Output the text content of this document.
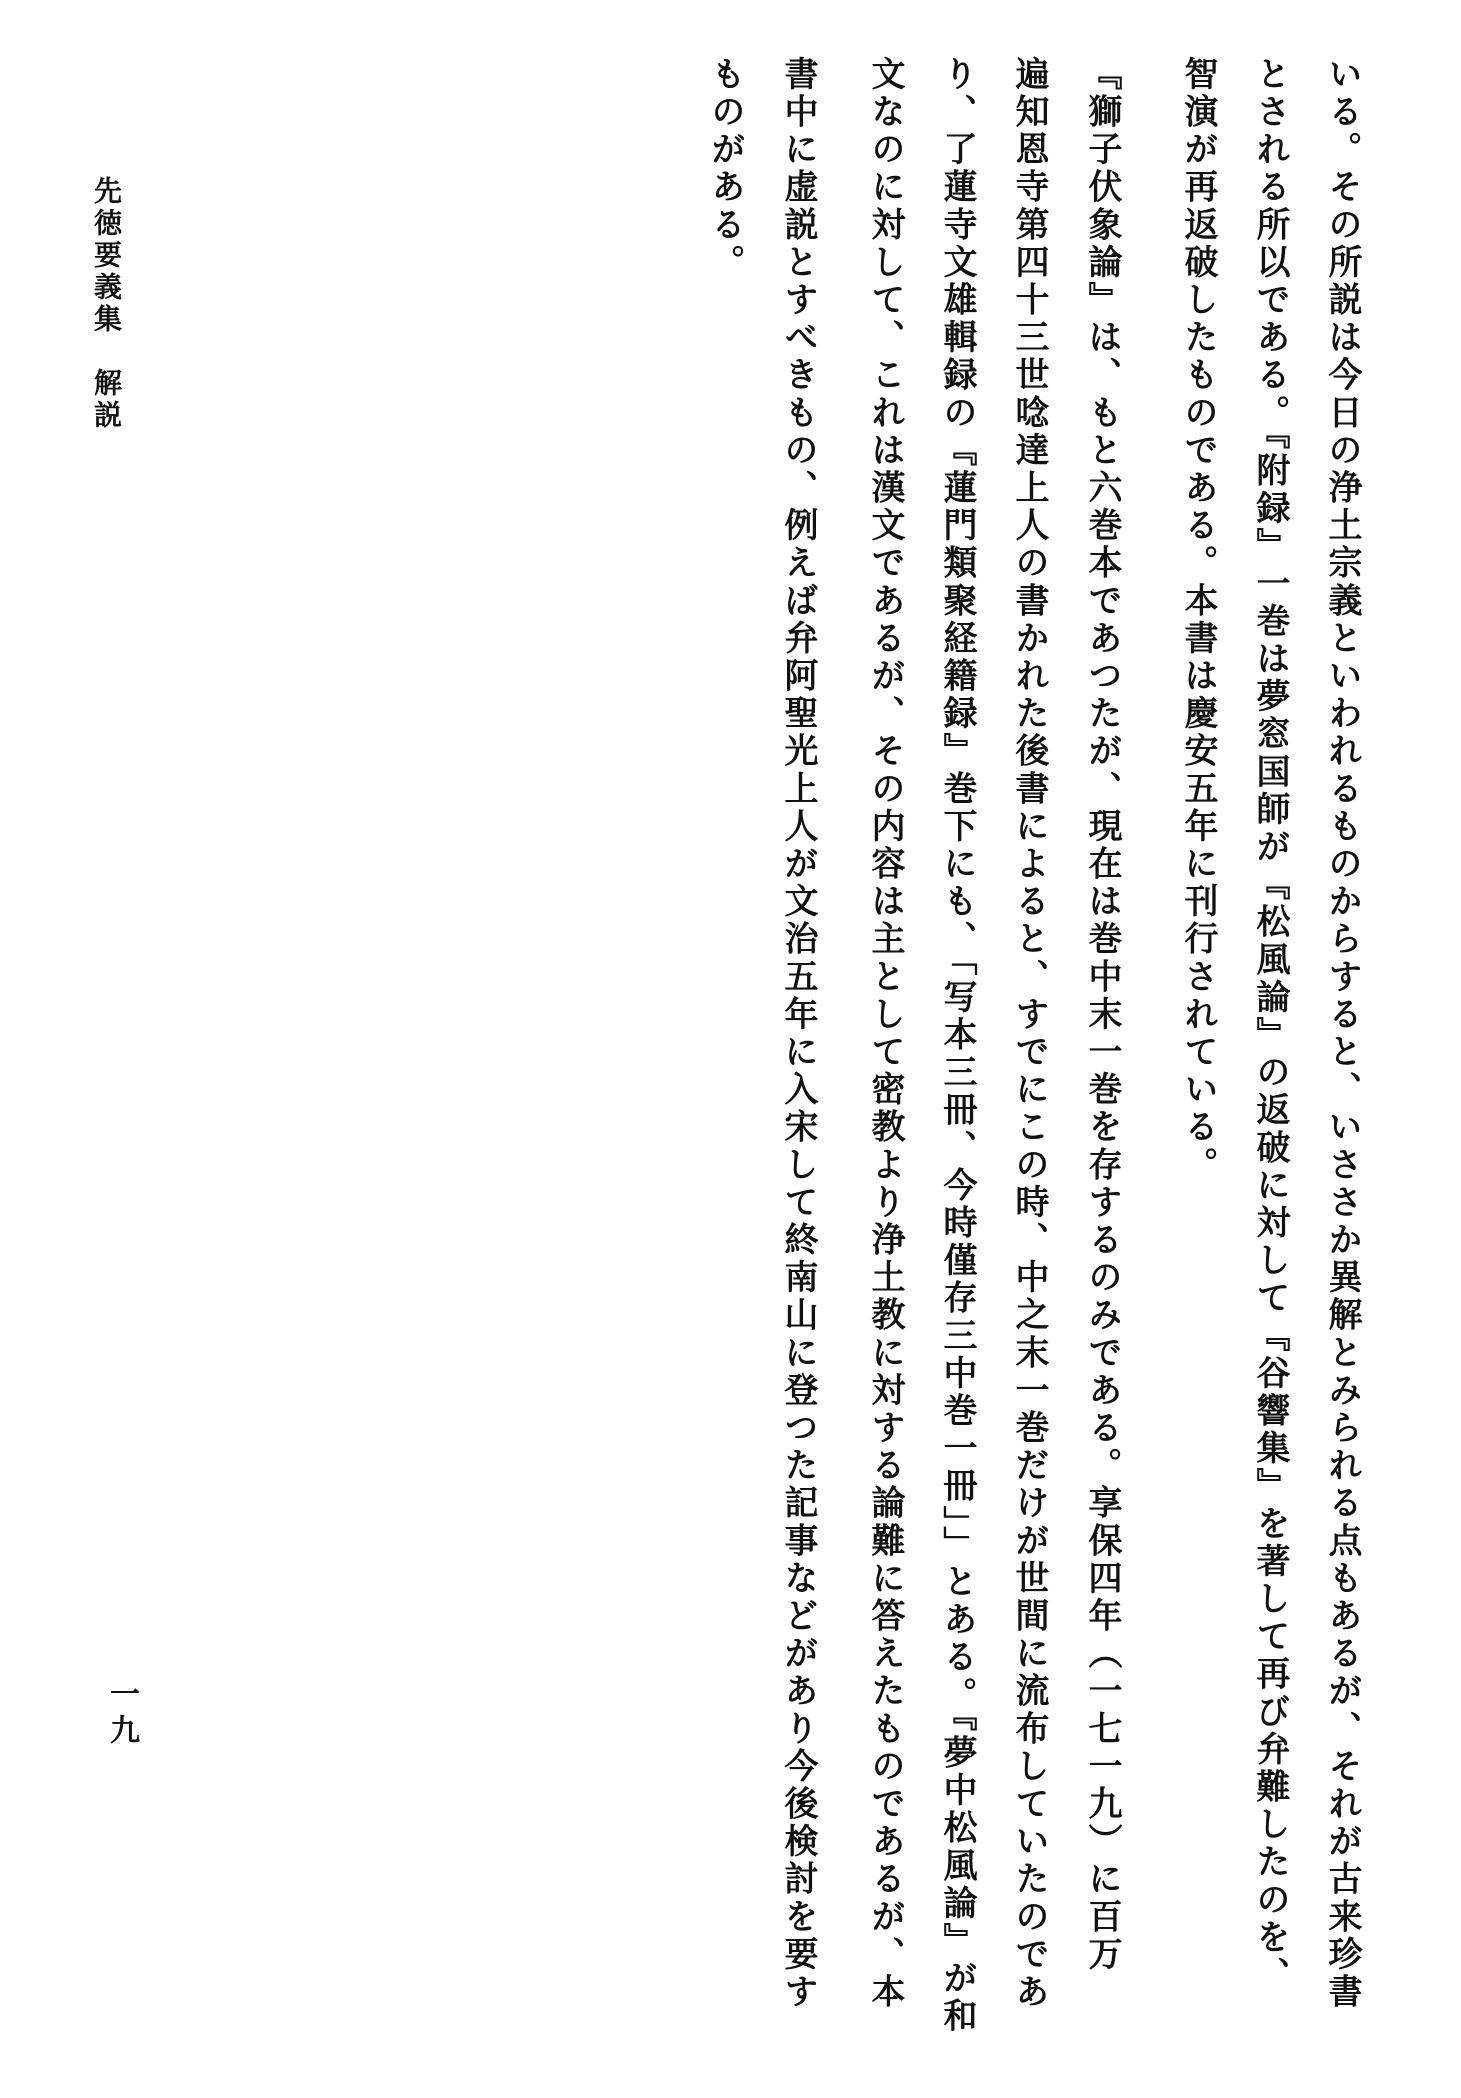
いる。その所説は今日の浄土宗義といわれるものからすると、いささか異解とみられる点もあるが、それが古来珍書
とされる所以である。『附録』一巻は夢窓国師が『松風論』の返破に対して『谷響集』を著して再び弁難したのを、
智演が再返破したものである。本書は慶安五年に刊行されている。
『獅子伏象論』は、もと六巻本であつたが、現在は巻中末一巻を存するのみである。享保四年（一七一九）に百万
遍知恩寺第四十三世唸達上人の書かれた後書によると、すでにこの時、中之末一巻だけが世間に流布していたのであ
り、了蓮寺文雄輯録の『蓮門類聚経籍録』巻下にも、「写本三冊、今時僅存三中巻一冊」」とある。『夢中松風論』が和
文なのに対して、これは漢文であるが、その内容は主として密教より浄土教に対する論難に答えたものであるが、本
書中に虚説とすべきもの、例えば弁阿聖光上人が文治五年に入宋して終南山に登つた記事などがあり今後検討を要す
ものがある。
先徳要義集　解説
一九
